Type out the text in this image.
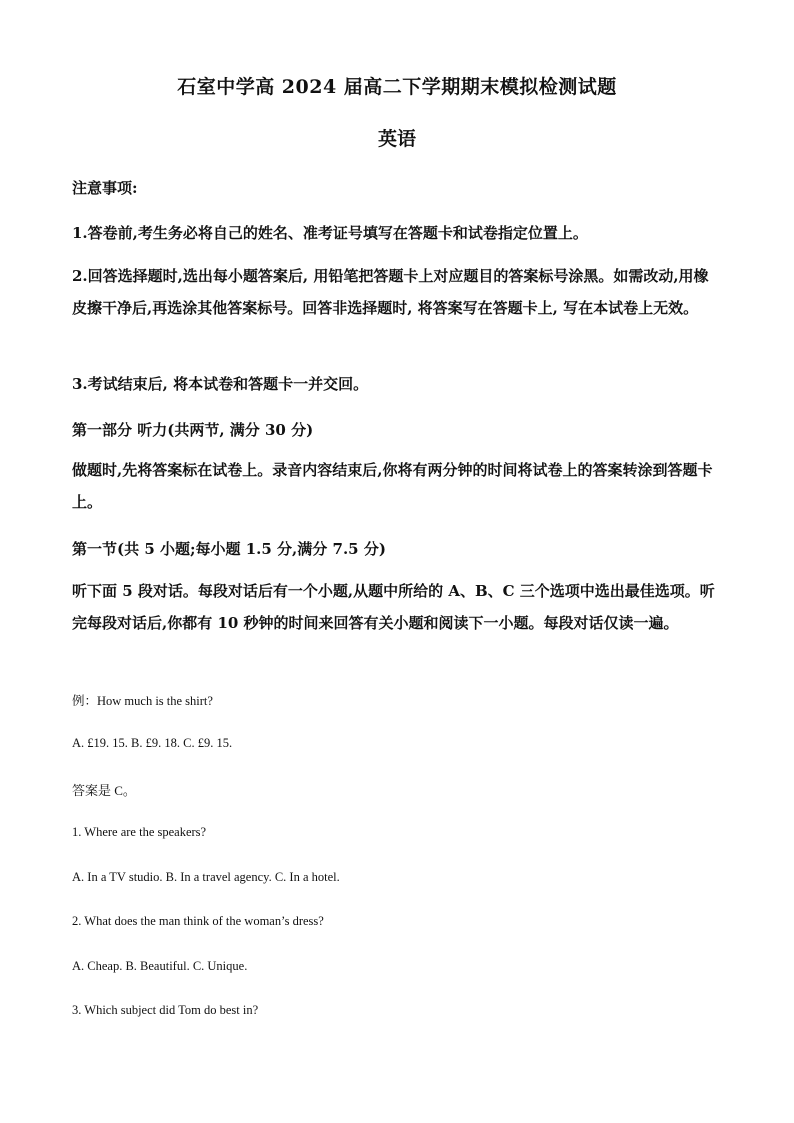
石室中学高 2024 届高二下学期期末模拟检测试题
英语
注意事项:
1.答卷前,考生务必将自己的姓名、准考证号填写在答题卡和试卷指定位置上。
2.回答选择题时,选出每小题答案后, 用铅笔把答题卡上对应题目的答案标号涂黑。如需改动,用橡皮擦干净后,再选涂其他答案标号。回答非选择题时, 将答案写在答题卡上, 写在本试卷上无效。
3.考试结束后, 将本试卷和答题卡一并交回。
第一部分 听力(共两节, 满分 30 分)
做题时,先将答案标在试卷上。录音内容结束后,你将有两分钟的时间将试卷上的答案转涂到答题卡上。
第一节(共 5 小题;每小题 1.5 分,满分 7.5 分)
听下面 5 段对话。每段对话后有一个小题,从题中所给的 A、B、C 三个选项中选出最佳选项。听完每段对话后,你都有 10 秒钟的时间来回答有关小题和阅读下一小题。每段对话仅读一遍。
例：How much is the shirt?
A. £19. 15. B. £9. 18. C. £9. 15.
答案是 C。
1. Where are the speakers?
A. In a TV studio. B. In a travel agency. C. In a hotel.
2. What does the man think of the woman’s dress?
A. Cheap. B. Beautiful. C. Unique.
3. Which subject did Tom do best in?
